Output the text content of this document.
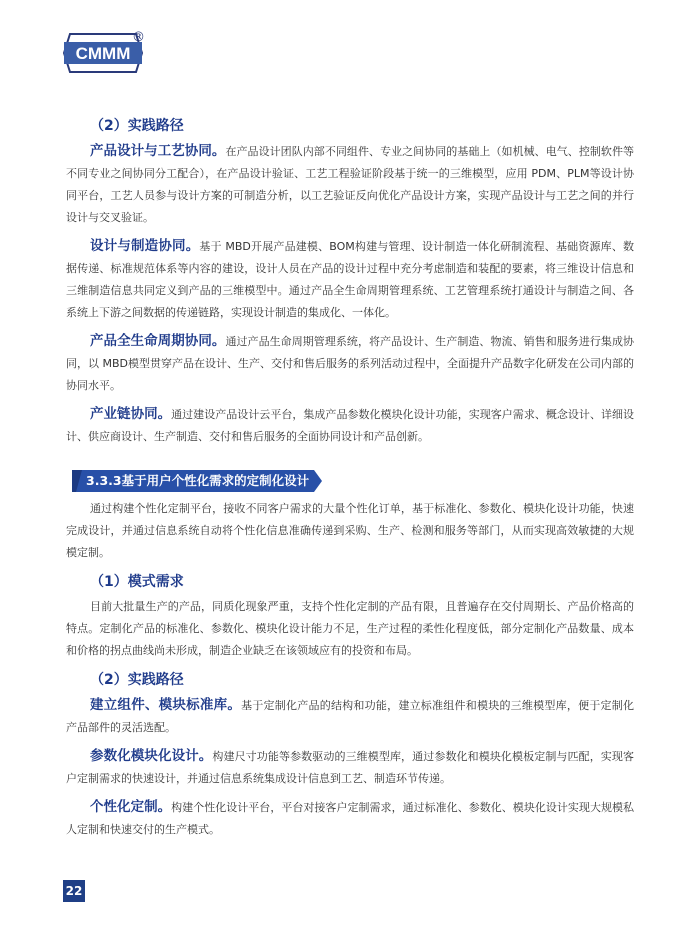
CMMM
®

（2）实践路径

产品设计与工艺协同。在产品设计团队内部不同组件、专业之间协同的基础上（如机械、电气、控制软件等不同专业之间协同分工配合），在产品设计验证、工艺工程验证阶段基于统一的三维模型，应用 PDM、PLM等设计协同平台，工艺人员参与设计方案的可制造分析，以工艺验证反向优化产品设计方案，实现产品设计与工艺之间的并行设计与交叉验证。

设计与制造协同。基于 MBD开展产品建模、BOM构建与管理、设计制造一体化研制流程、基础资源库、数据传递、标准规范体系等内容的建设，设计人员在产品的设计过程中充分考虑制造和装配的要素，将三维设计信息和三维制造信息共同定义到产品的三维模型中。通过产品全生命周期管理系统、工艺管理系统打通设计与制造之间、各系统上下游之间数据的传递链路，实现设计制造的集成化、一体化。

产品全生命周期协同。通过产品生命周期管理系统，将产品设计、生产制造、物流、销售和服务进行集成协同，以 MBD模型贯穿产品在设计、生产、交付和售后服务的系列活动过程中，全面提升产品数字化研发在公司内部的协同水平。

产业链协同。通过建设产品设计云平台，集成产品参数化模块化设计功能，实现客户需求、概念设计、详细设计、供应商设计、生产制造、交付和售后服务的全面协同设计和产品创新。

3.3.3基于用户个性化需求的定制化设计

通过构建个性化定制平台，接收不同客户需求的大量个性化订单，基于标准化、参数化、模块化设计功能，快速完成设计，并通过信息系统自动将个性化信息准确传递到采购、生产、检测和服务等部门，从而实现高效敏捷的大规模定制。

（1）模式需求

目前大批量生产的产品，同质化现象严重，支持个性化定制的产品有限，且普遍存在交付周期长、产品价格高的特点。定制化产品的标准化、参数化、模块化设计能力不足，生产过程的柔性化程度低，部分定制化产品数量、成本和价格的拐点曲线尚未形成，制造企业缺乏在该领域应有的投资和布局。

（2）实践路径

建立组件、模块标准库。基于定制化产品的结构和功能，建立标准组件和模块的三维模型库，便于定制化产品部件的灵活选配。

参数化模块化设计。构建尺寸功能等参数驱动的三维模型库，通过参数化和模块化模板定制与匹配，实现客户定制需求的快速设计，并通过信息系统集成设计信息到工艺、制造环节传递。

个性化定制。构建个性化设计平台，平台对接客户定制需求，通过标准化、参数化、模块化设计实现大规模私人定制和快速交付的生产模式。

22
